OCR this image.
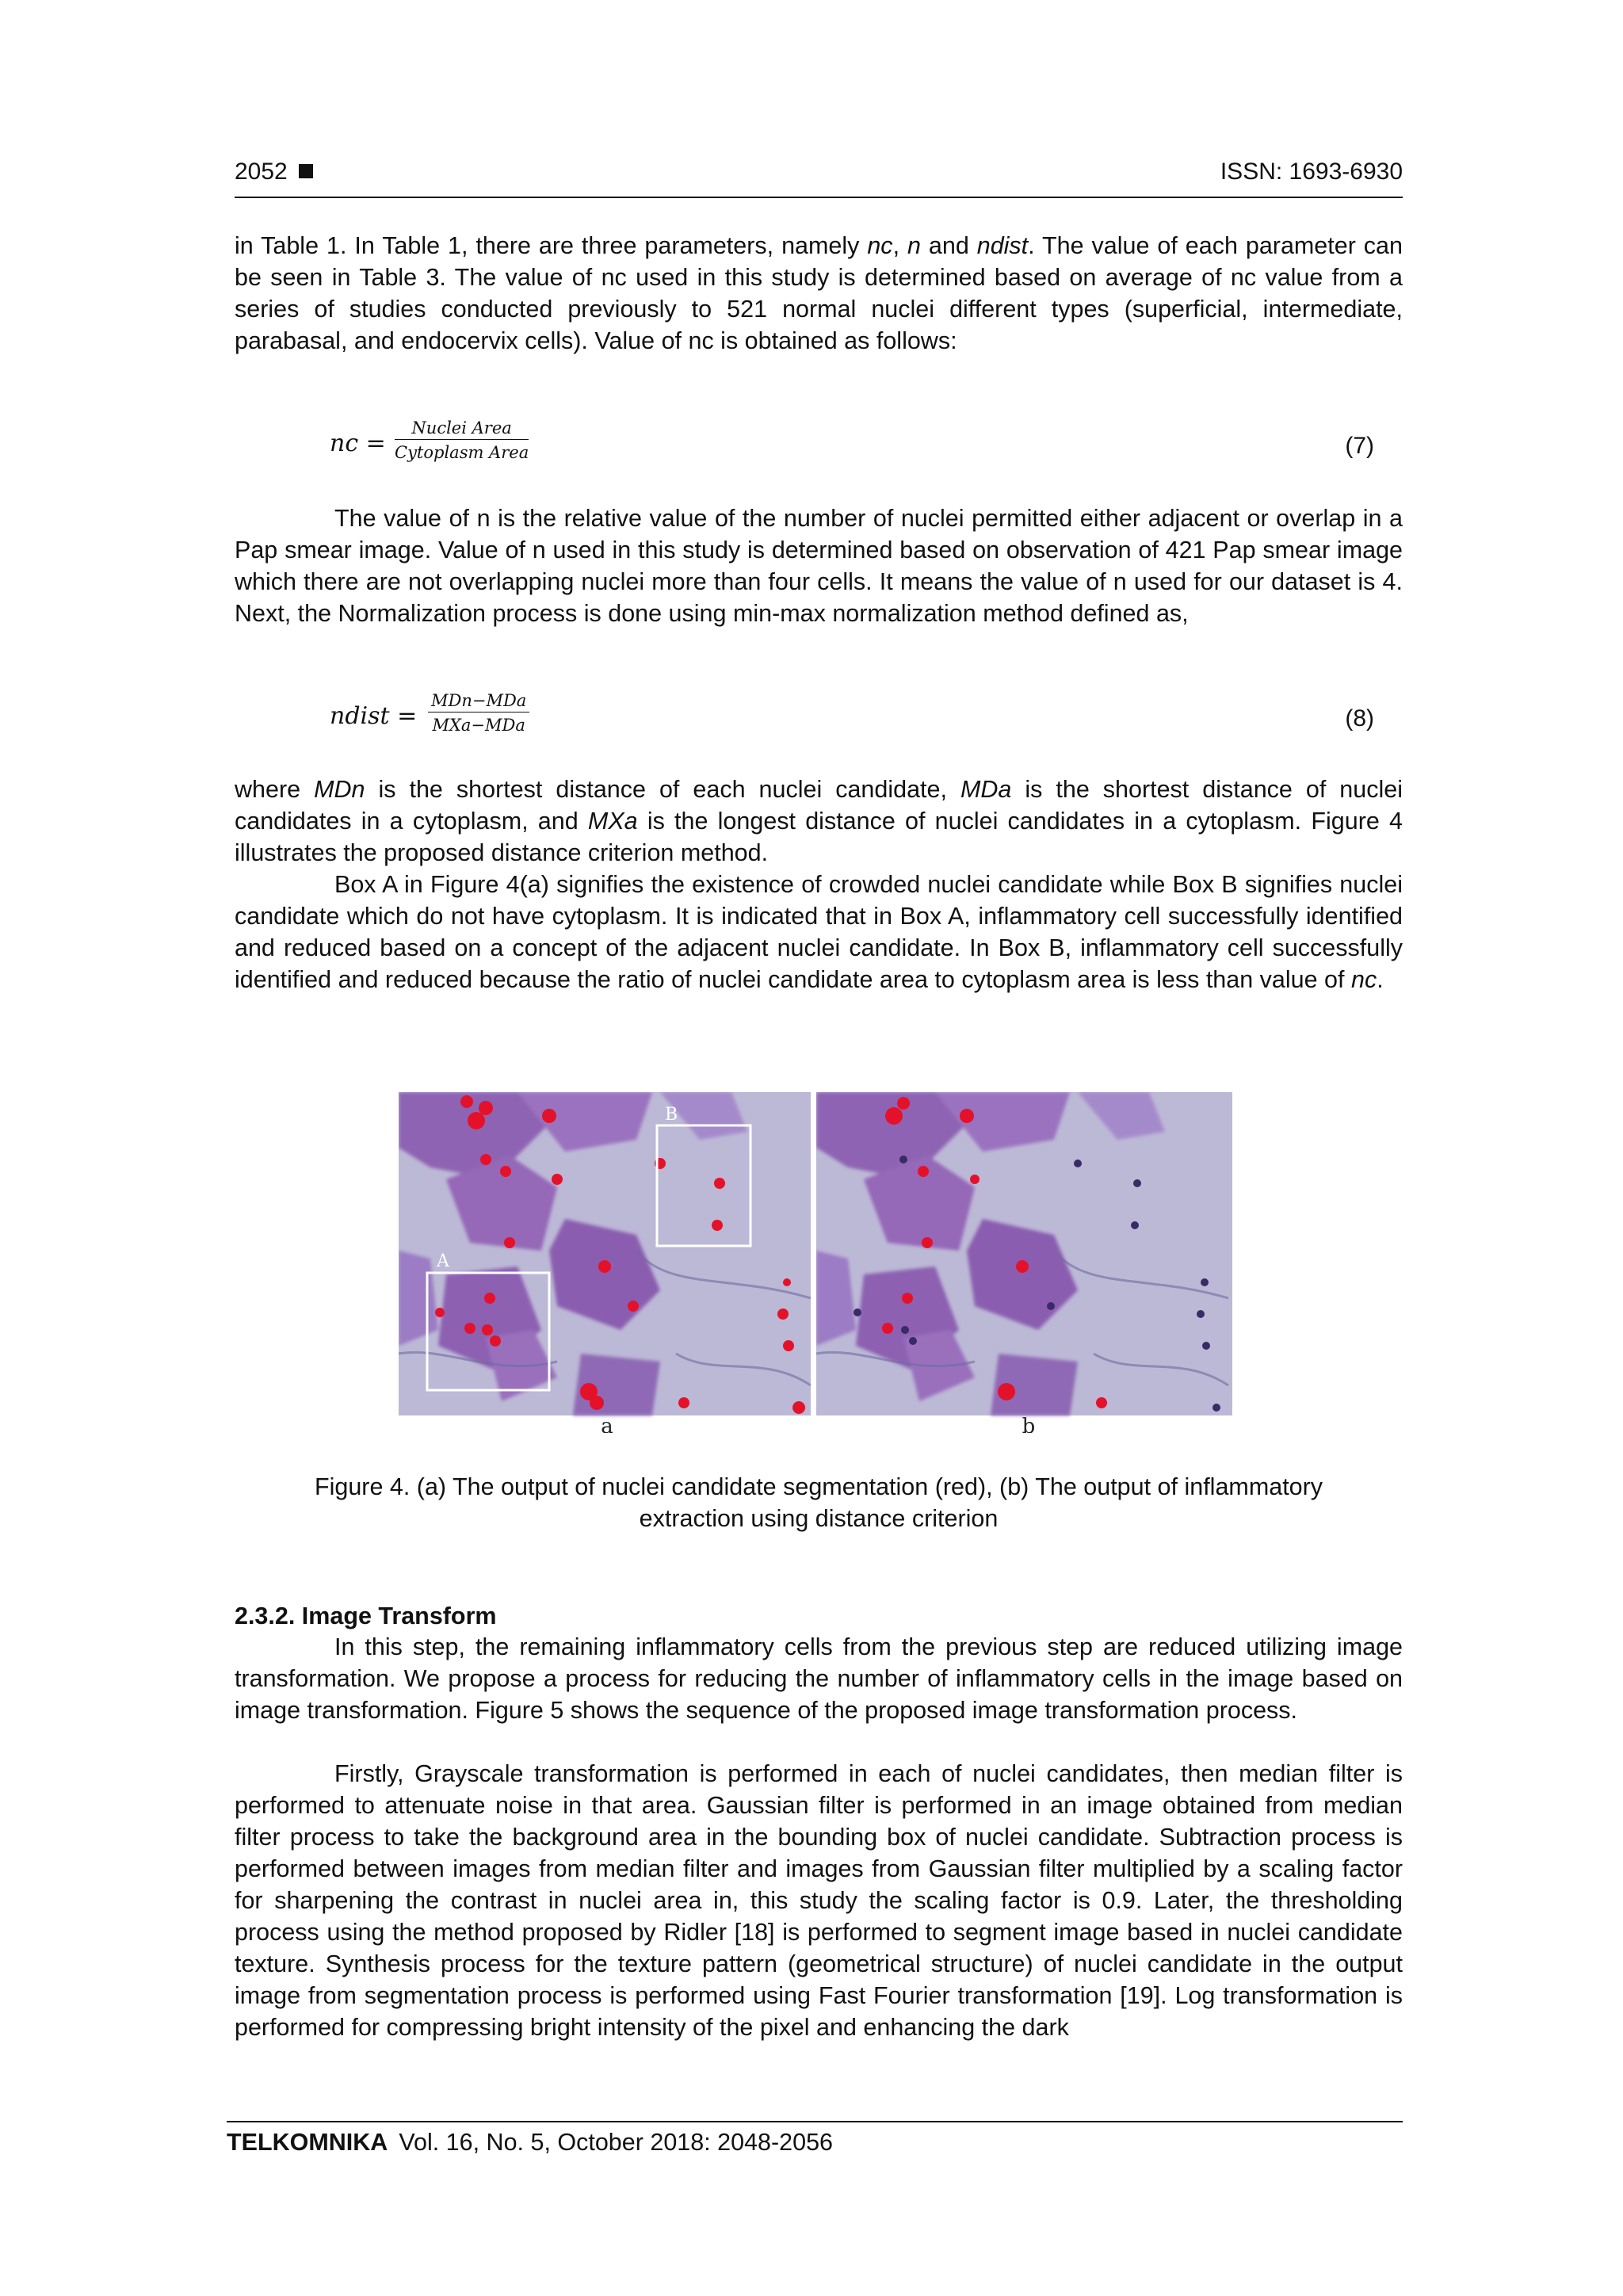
2052	ISSN: 1693-6930

in Table 1. In Table 1, there are three parameters, namely nc, n and ndist. The value of each parameter can be seen in Table 3. The value of nc used in this study is determined based on average of nc value from a series of studies conducted previously to 521 normal nuclei different types (superficial, intermediate, parabasal, and endocervix cells). Value of nc is obtained as follows:

nc =
Nuclei Area
Cytoplasm Area	(7)

The value of n is the relative value of the number of nuclei permitted either adjacent or overlap in a Pap smear image. Value of n used in this study is determined based on observation of 421 Pap smear image which there are not overlapping nuclei more than four cells. It means the value of n used for our dataset is 4. Next, the Normalization process is done using min-max normalization method defined as,

ndist =
MDn−MDa
MXa−MDa	(8)

where MDn is the shortest distance of each nuclei candidate, MDa is the shortest distance of nuclei candidates in a cytoplasm, and MXa is the longest distance of nuclei candidates in a cytoplasm. Figure 4 illustrates the proposed distance criterion method.

Box A in Figure 4(a) signifies the existence of crowded nuclei candidate while Box B signifies nuclei candidate which do not have cytoplasm. It is indicated that in Box A, inflammatory cell successfully identified and reduced based on a concept of the adjacent nuclei candidate. In Box B, inflammatory cell successfully identified and reduced because the ratio of nuclei candidate area to cytoplasm area is less than value of nc.

B
A
a	b
Figure 4. (a) The output of nuclei candidate segmentation (red), (b) The output of inflammatory
extraction using distance criterion
2.3.2. Image Transform

In this step, the remaining inflammatory cells from the previous step are reduced utilizing image transformation. We propose a process for reducing the number of inflammatory cells in the image based on image transformation. Figure 5 shows the sequence of the proposed image transformation process.

Firstly, Grayscale transformation is performed in each of nuclei candidates, then median filter is performed to attenuate noise in that area. Gaussian filter is performed in an image obtained from median filter process to take the background area in the bounding box of nuclei candidate. Subtraction process is performed between images from median filter and images from Gaussian filter multiplied by a scaling factor for sharpening the contrast in nuclei area in, this study the scaling factor is 0.9. Later, the thresholding process using the method proposed by Ridler [18] is performed to segment image based in nuclei candidate texture. Synthesis process for the texture pattern (geometrical structure) of nuclei candidate in the output image from segmentation process is performed using Fast Fourier transformation [19]. Log transformation is performed for compressing bright intensity of the pixel and enhancing the dark

TELKOMNIKA Vol. 16, No. 5, October 2018: 2048-2056
